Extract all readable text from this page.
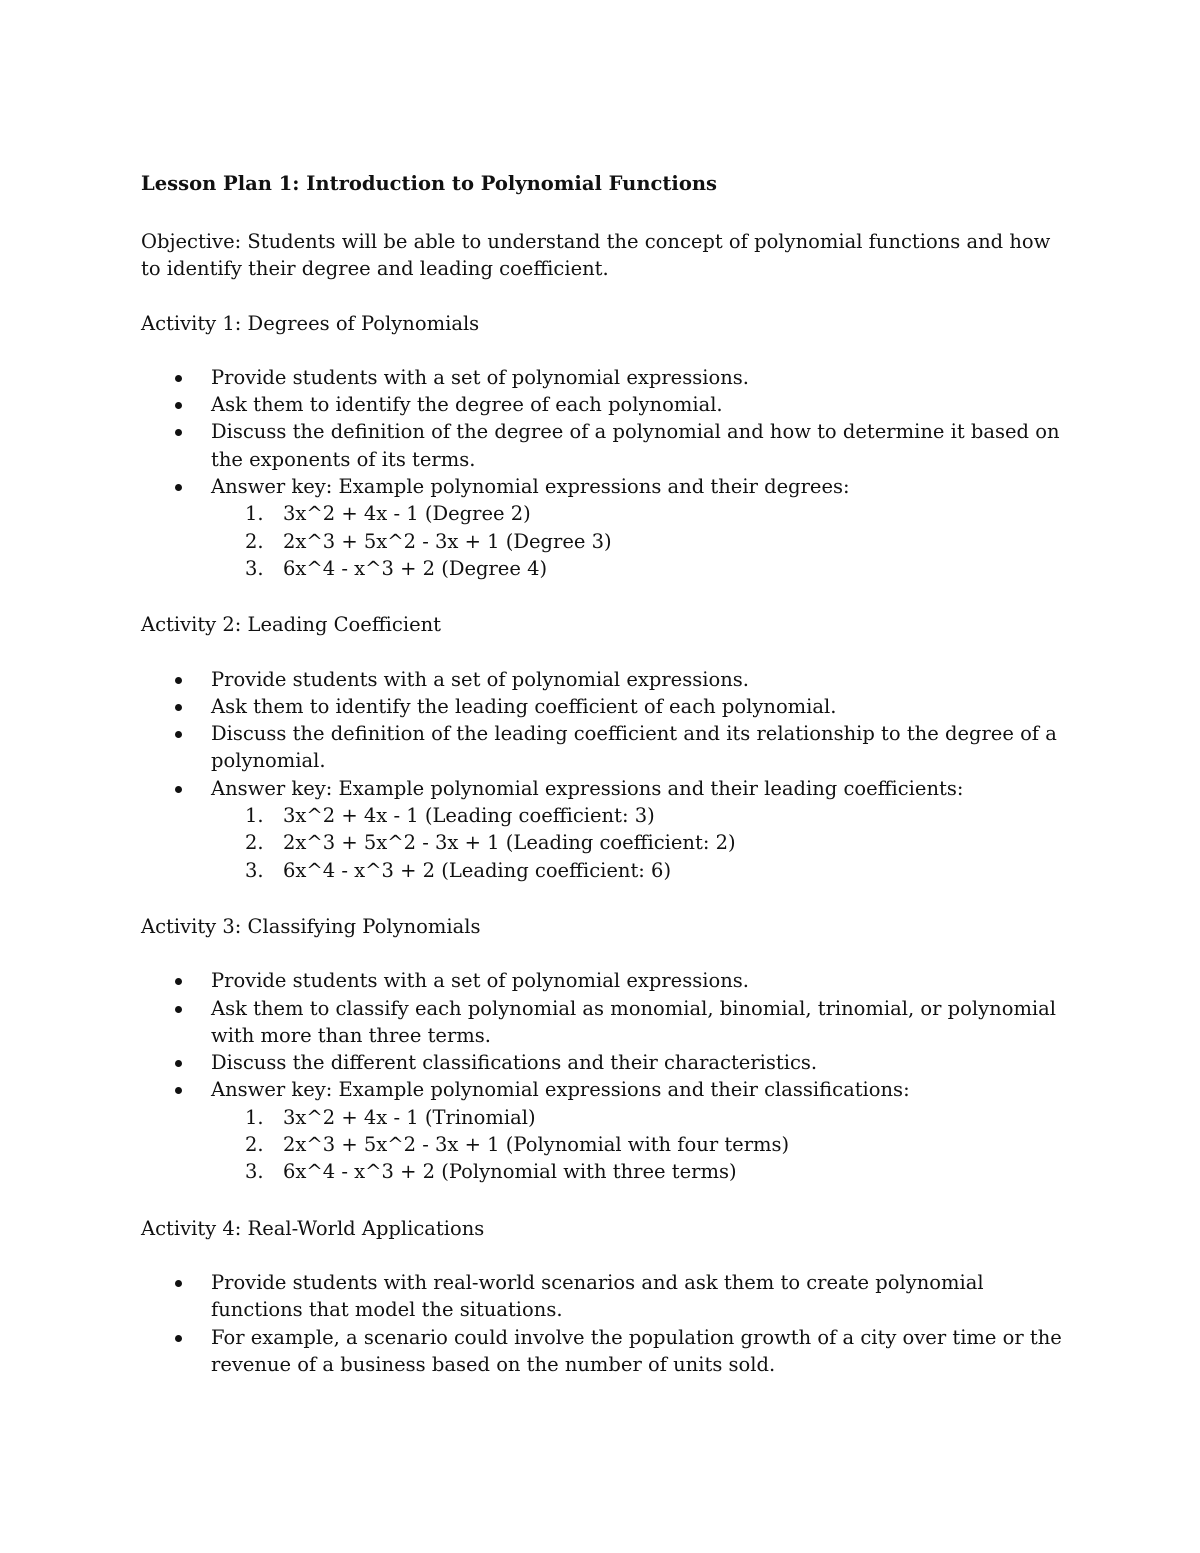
Lesson Plan 1: Introduction to Polynomial Functions
Objective: Students will be able to understand the concept of polynomial functions and how to identify their degree and leading coefficient.
Activity 1: Degrees of Polynomials
Provide students with a set of polynomial expressions.
Ask them to identify the degree of each polynomial.
Discuss the definition of the degree of a polynomial and how to determine it based on the exponents of its terms.
Answer key: Example polynomial expressions and their degrees:
1. 3x^2 + 4x - 1 (Degree 2)
2. 2x^3 + 5x^2 - 3x + 1 (Degree 3)
3. 6x^4 - x^3 + 2 (Degree 4)
Activity 2: Leading Coefficient
Provide students with a set of polynomial expressions.
Ask them to identify the leading coefficient of each polynomial.
Discuss the definition of the leading coefficient and its relationship to the degree of a polynomial.
Answer key: Example polynomial expressions and their leading coefficients:
1. 3x^2 + 4x - 1 (Leading coefficient: 3)
2. 2x^3 + 5x^2 - 3x + 1 (Leading coefficient: 2)
3. 6x^4 - x^3 + 2 (Leading coefficient: 6)
Activity 3: Classifying Polynomials
Provide students with a set of polynomial expressions.
Ask them to classify each polynomial as monomial, binomial, trinomial, or polynomial with more than three terms.
Discuss the different classifications and their characteristics.
Answer key: Example polynomial expressions and their classifications:
1. 3x^2 + 4x - 1 (Trinomial)
2. 2x^3 + 5x^2 - 3x + 1 (Polynomial with four terms)
3. 6x^4 - x^3 + 2 (Polynomial with three terms)
Activity 4: Real-World Applications
Provide students with real-world scenarios and ask them to create polynomial functions that model the situations.
For example, a scenario could involve the population growth of a city over time or the revenue of a business based on the number of units sold.
